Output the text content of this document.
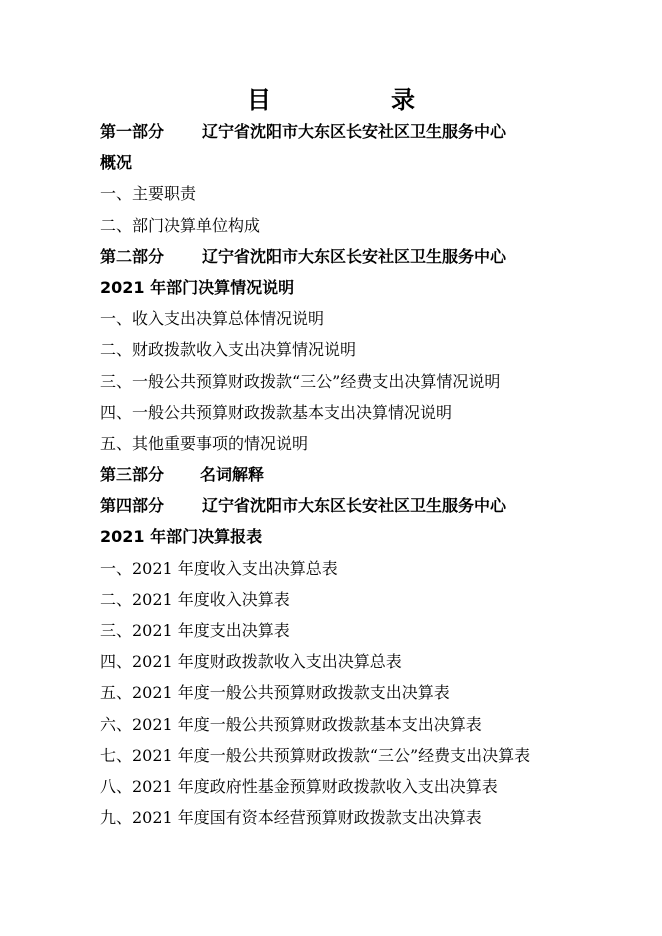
目　录
第一部分 辽宁省沈阳市大东区长安社区卫生服务中心
概况
一、主要职责
二、部门决算单位构成
第二部分 辽宁省沈阳市大东区长安社区卫生服务中心
2021 年部门决算情况说明
一、收入支出决算总体情况说明
二、财政拨款收入支出决算情况说明
三、一般公共预算财政拨款“三公”经费支出决算情况说明
四、一般公共预算财政拨款基本支出决算情况说明
五、其他重要事项的情况说明
第三部分 名词解释
第四部分 辽宁省沈阳市大东区长安社区卫生服务中心
2021 年部门决算报表
一、2021 年度收入支出决算总表
二、2021 年度收入决算表
三、2021 年度支出决算表
四、2021 年度财政拨款收入支出决算总表
五、2021 年度一般公共预算财政拨款支出决算表
六、2021 年度一般公共预算财政拨款基本支出决算表
七、2021 年度一般公共预算财政拨款“三公”经费支出决算表
八、2021 年度政府性基金预算财政拨款收入支出决算表
九、2021 年度国有资本经营预算财政拨款支出决算表
